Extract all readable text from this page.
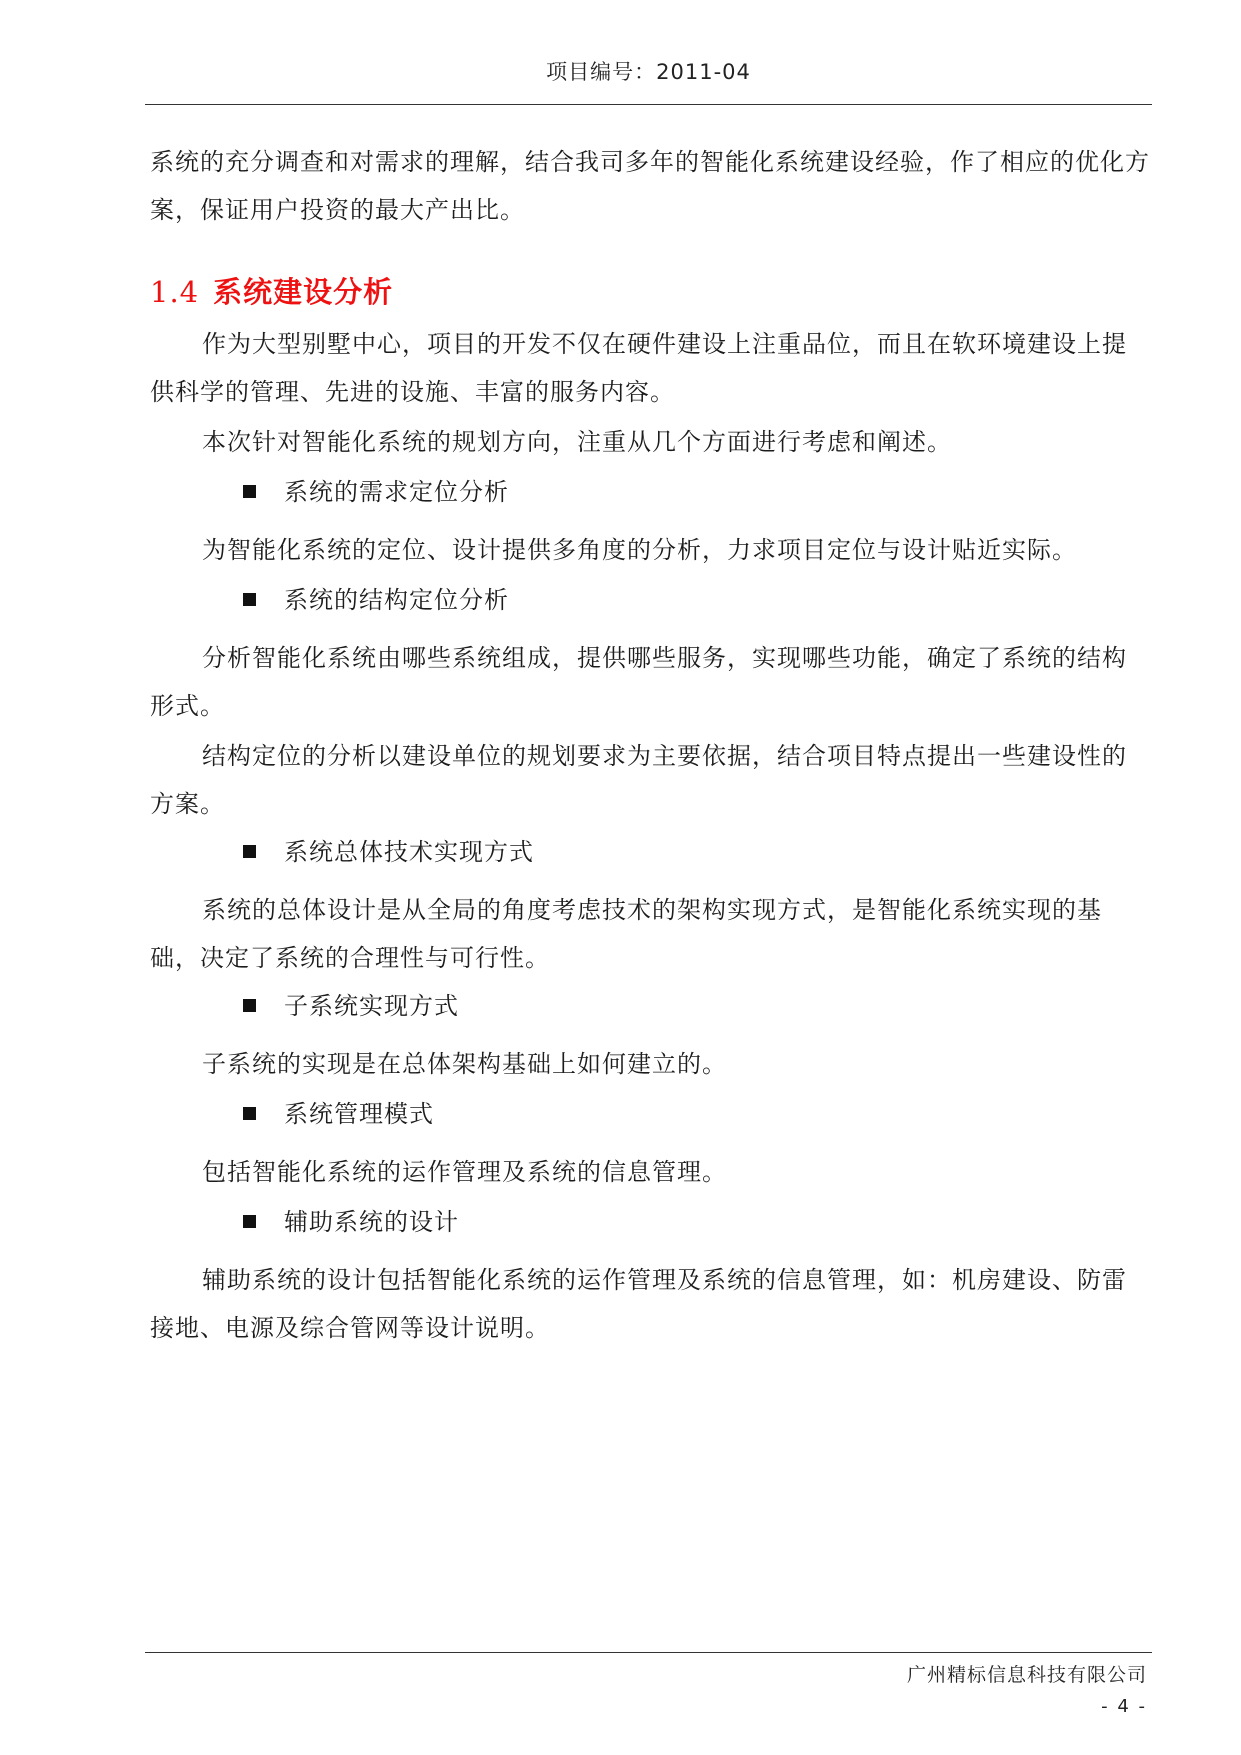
项目编号：2011-04

系统的充分调查和对需求的理解，结合我司多年的智能化系统建设经验，作了相应的优化方案，保证用户投资的最大产出比。

1.4 系统建设分析

作为大型别墅中心，项目的开发不仅在硬件建设上注重品位，而且在软环境建设上提供科学的管理、先进的设施、丰富的服务内容。

本次针对智能化系统的规划方向，注重从几个方面进行考虑和阐述。

系统的需求定位分析

为智能化系统的定位、设计提供多角度的分析，力求项目定位与设计贴近实际。

系统的结构定位分析

分析智能化系统由哪些系统组成，提供哪些服务，实现哪些功能，确定了系统的结构形式。

结构定位的分析以建设单位的规划要求为主要依据，结合项目特点提出一些建设性的方案。

系统总体技术实现方式

系统的总体设计是从全局的角度考虑技术的架构实现方式，是智能化系统实现的基础，决定了系统的合理性与可行性。

子系统实现方式

子系统的实现是在总体架构基础上如何建立的。

系统管理模式

包括智能化系统的运作管理及系统的信息管理。

辅助系统的设计

辅助系统的设计包括智能化系统的运作管理及系统的信息管理，如：机房建设、防雷接地、电源及综合管网等设计说明。

广州精标信息科技有限公司
- 4 -
